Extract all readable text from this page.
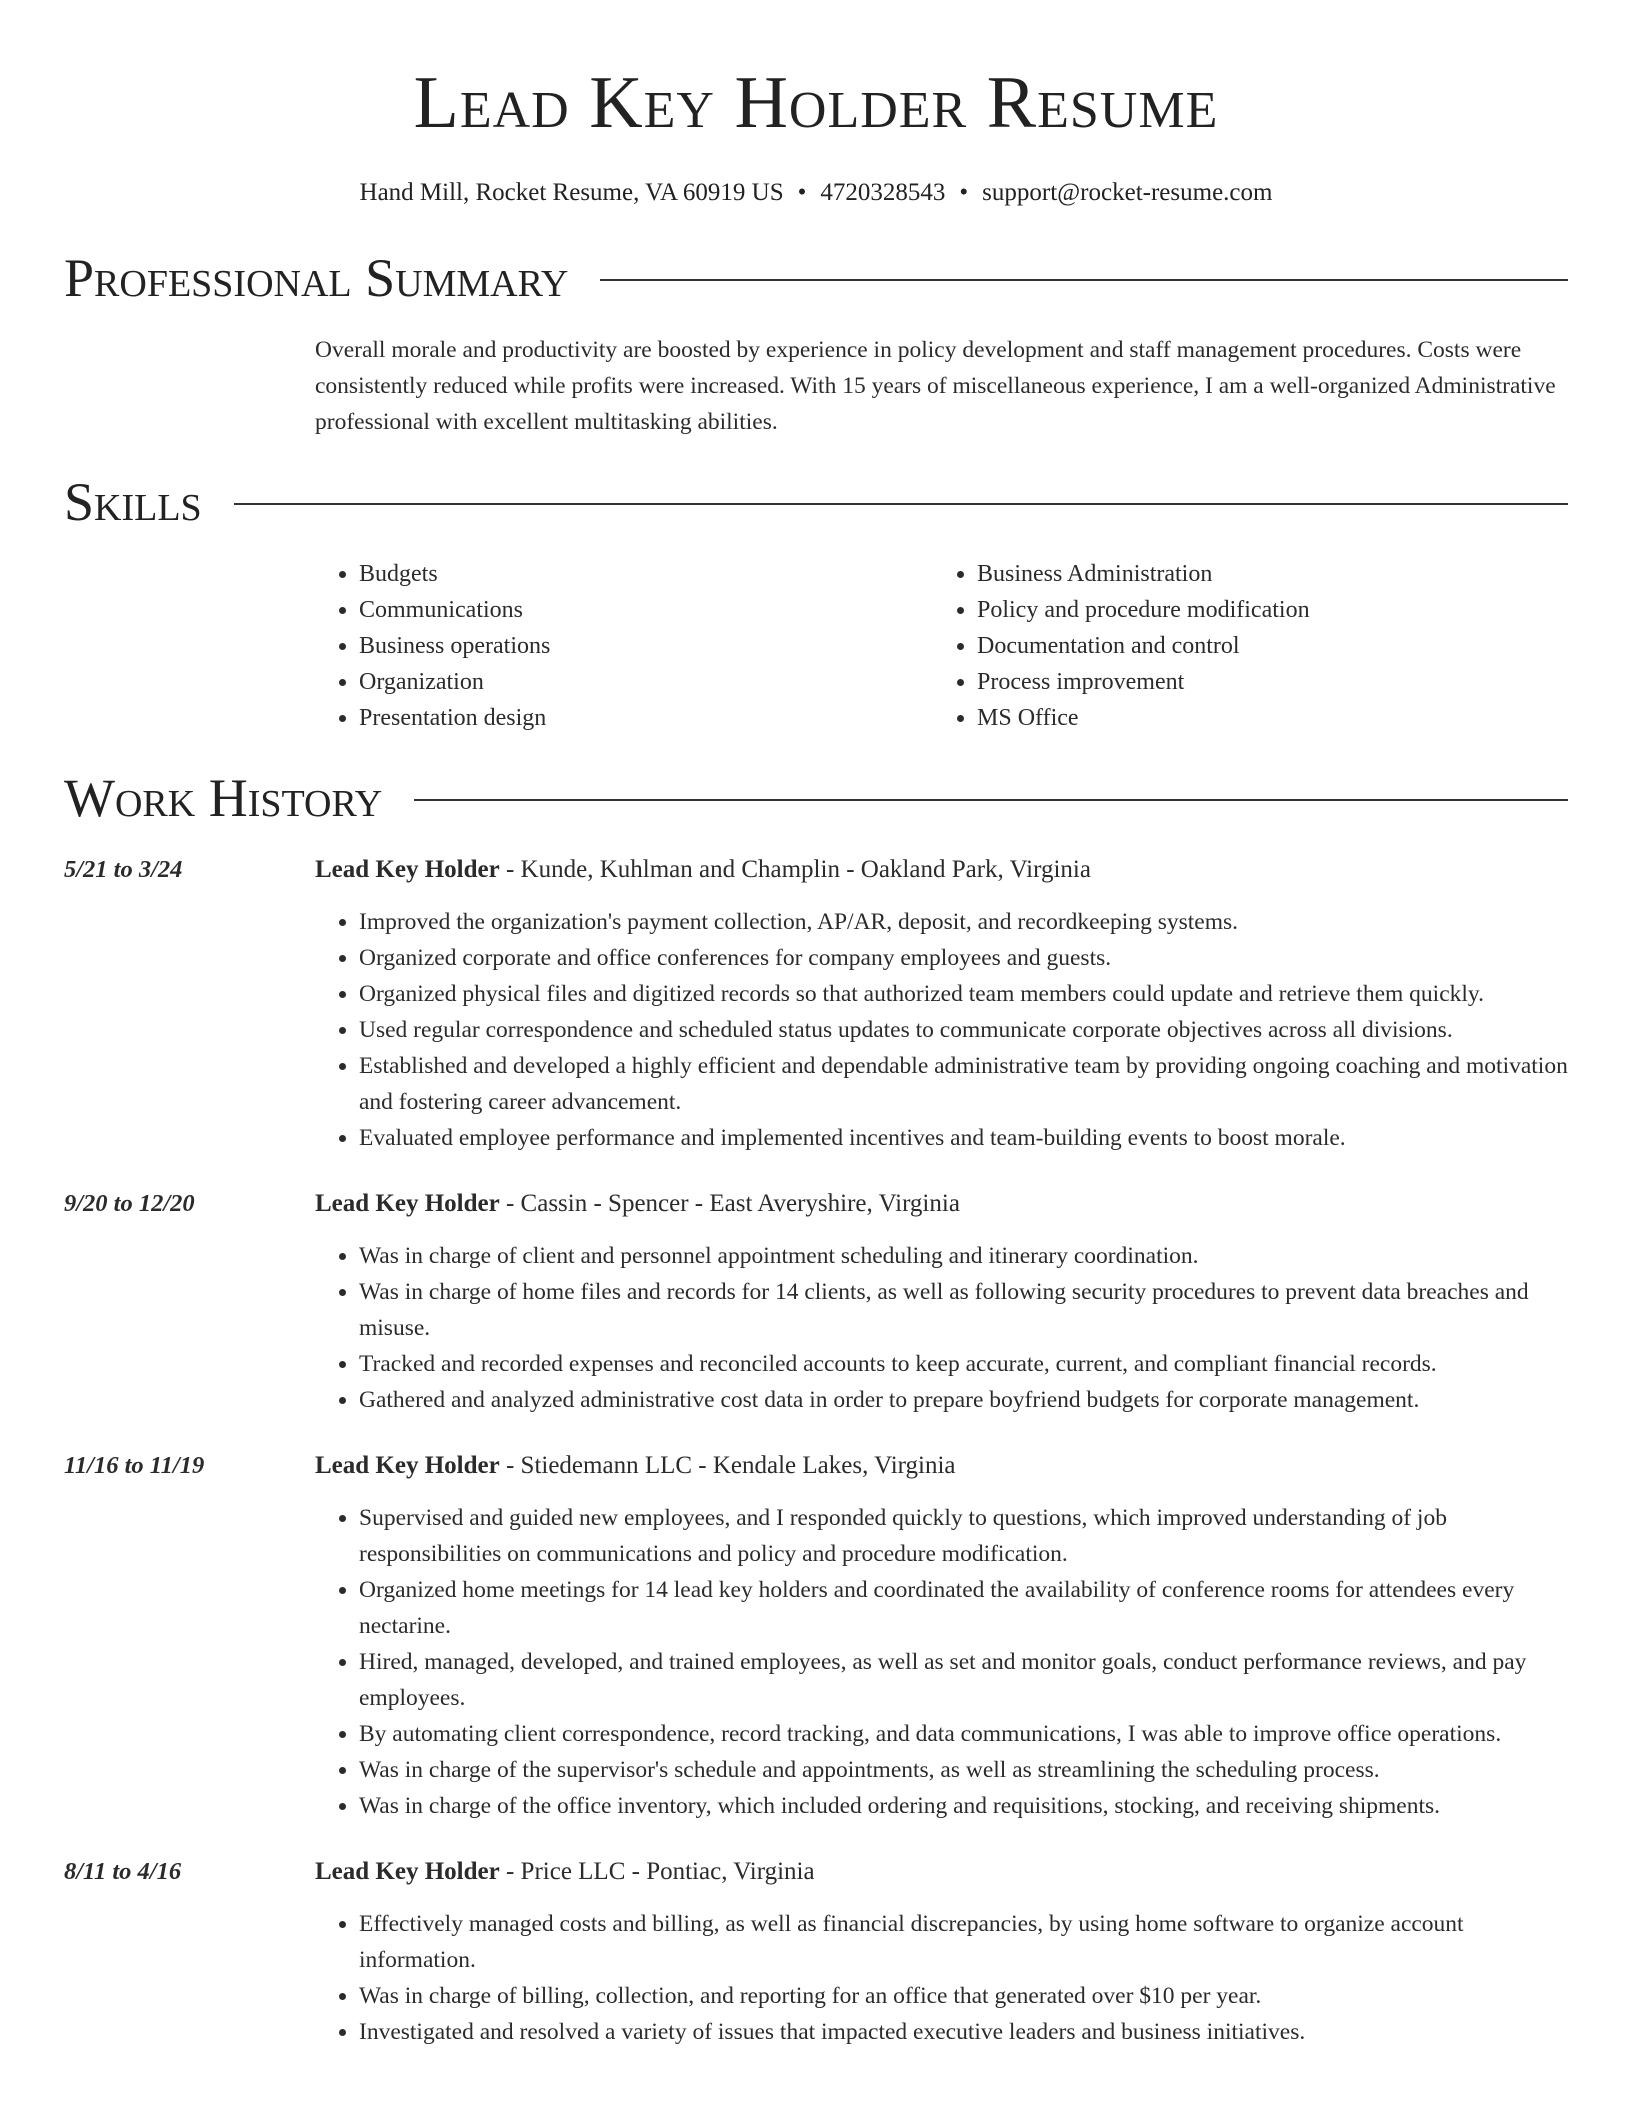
Lead Key Holder Resume
Hand Mill, Rocket Resume, VA 60919 US • 4720328543 • support@rocket-resume.com
Professional Summary

Overall morale and productivity are boosted by experience in policy development and staff management procedures. Costs were consistently reduced while profits were increased. With 15 years of miscellaneous experience, I am a well-organized Administrative professional with excellent multitasking abilities.

Skills
• Budgets
• Communications
• Business operations
• Organization
• Presentation design
• Business Administration
• Policy and procedure modification
• Documentation and control
• Process improvement
• MS Office
Work History
5/21 to 3/24	Lead Key Holder - Kunde, Kuhlman and Champlin - Oakland Park, Virginia
• Improved the organization's payment collection, AP/AR, deposit, and recordkeeping systems.
• Organized corporate and office conferences for company employees and guests.
• Organized physical files and digitized records so that authorized team members could update and retrieve them quickly.
• Used regular correspondence and scheduled status updates to communicate corporate objectives across all divisions.
• Established and developed a highly efficient and dependable administrative team by providing ongoing coaching and motivation and fostering career advancement.
• Evaluated employee performance and implemented incentives and team-building events to boost morale.
9/20 to 12/20	Lead Key Holder - Cassin - Spencer - East Averyshire, Virginia
• Was in charge of client and personnel appointment scheduling and itinerary coordination.
• Was in charge of home files and records for 14 clients, as well as following security procedures to prevent data breaches and misuse.
• Tracked and recorded expenses and reconciled accounts to keep accurate, current, and compliant financial records.
• Gathered and analyzed administrative cost data in order to prepare boyfriend budgets for corporate management.
11/16 to 11/19	Lead Key Holder - Stiedemann LLC - Kendale Lakes, Virginia
• Supervised and guided new employees, and I responded quickly to questions, which improved understanding of job responsibilities on communications and policy and procedure modification.
• Organized home meetings for 14 lead key holders and coordinated the availability of conference rooms for attendees every nectarine.
• Hired, managed, developed, and trained employees, as well as set and monitor goals, conduct performance reviews, and pay employees.
• By automating client correspondence, record tracking, and data communications, I was able to improve office operations.
• Was in charge of the supervisor's schedule and appointments, as well as streamlining the scheduling process.
• Was in charge of the office inventory, which included ordering and requisitions, stocking, and receiving shipments.
8/11 to 4/16	Lead Key Holder - Price LLC - Pontiac, Virginia
• Effectively managed costs and billing, as well as financial discrepancies, by using home software to organize account information.
• Was in charge of billing, collection, and reporting for an office that generated over $10 per year.
• Investigated and resolved a variety of issues that impacted executive leaders and business initiatives.
